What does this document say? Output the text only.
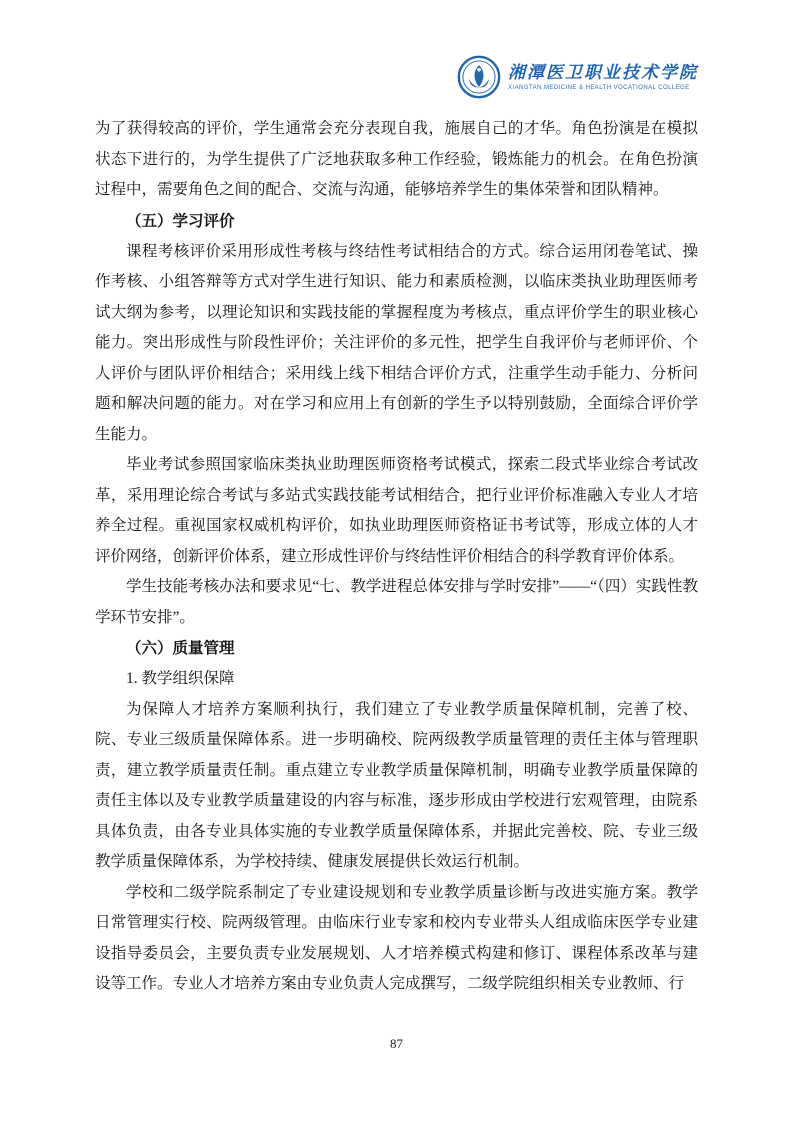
湘潭医卫职业技术学院
XIANGTAN MEDICINE & HEALTH VOCATIONAL COLLEGE

为了获得较高的评价，学生通常会充分表现自我，施展自己的才华。角色扮演是在模拟状态下进行的，为学生提供了广泛地获取多种工作经验，锻炼能力的机会。在角色扮演过程中，需要角色之间的配合、交流与沟通，能够培养学生的集体荣誉和团队精神。

（五）学习评价

课程考核评价采用形成性考核与终结性考试相结合的方式。综合运用闭卷笔试、操作考核、小组答辩等方式对学生进行知识、能力和素质检测，以临床类执业助理医师考试大纲为参考，以理论知识和实践技能的掌握程度为考核点，重点评价学生的职业核心能力。突出形成性与阶段性评价；关注评价的多元性，把学生自我评价与老师评价、个人评价与团队评价相结合；采用线上线下相结合评价方式，注重学生动手能力、分析问题和解决问题的能力。对在学习和应用上有创新的学生予以特别鼓励，全面综合评价学生能力。

毕业考试参照国家临床类执业助理医师资格考试模式，探索二段式毕业综合考试改革，采用理论综合考试与多站式实践技能考试相结合，把行业评价标准融入专业人才培养全过程。重视国家权威机构评价，如执业助理医师资格证书考试等，形成立体的人才评价网络，创新评价体系，建立形成性评价与终结性评价相结合的科学教育评价体系。

学生技能考核办法和要求见“七、教学进程总体安排与学时安排”——“（四）实践性教学环节安排”。

（六）质量管理

1. 教学组织保障

为保障人才培养方案顺利执行，我们建立了专业教学质量保障机制，完善了校、院、专业三级质量保障体系。进一步明确校、院两级教学质量管理的责任主体与管理职责，建立教学质量责任制。重点建立专业教学质量保障机制，明确专业教学质量保障的责任主体以及专业教学质量建设的内容与标准，逐步形成由学校进行宏观管理，由院系具体负责，由各专业具体实施的专业教学质量保障体系，并据此完善校、院、专业三级教学质量保障体系，为学校持续、健康发展提供长效运行机制。

学校和二级学院系制定了专业建设规划和专业教学质量诊断与改进实施方案。教学日常管理实行校、院两级管理。由临床行业专家和校内专业带头人组成临床医学专业建设指导委员会，主要负责专业发展规划、人才培养模式构建和修订、课程体系改革与建设等工作。专业人才培养方案由专业负责人完成撰写，二级学院组织相关专业教师、行

87
